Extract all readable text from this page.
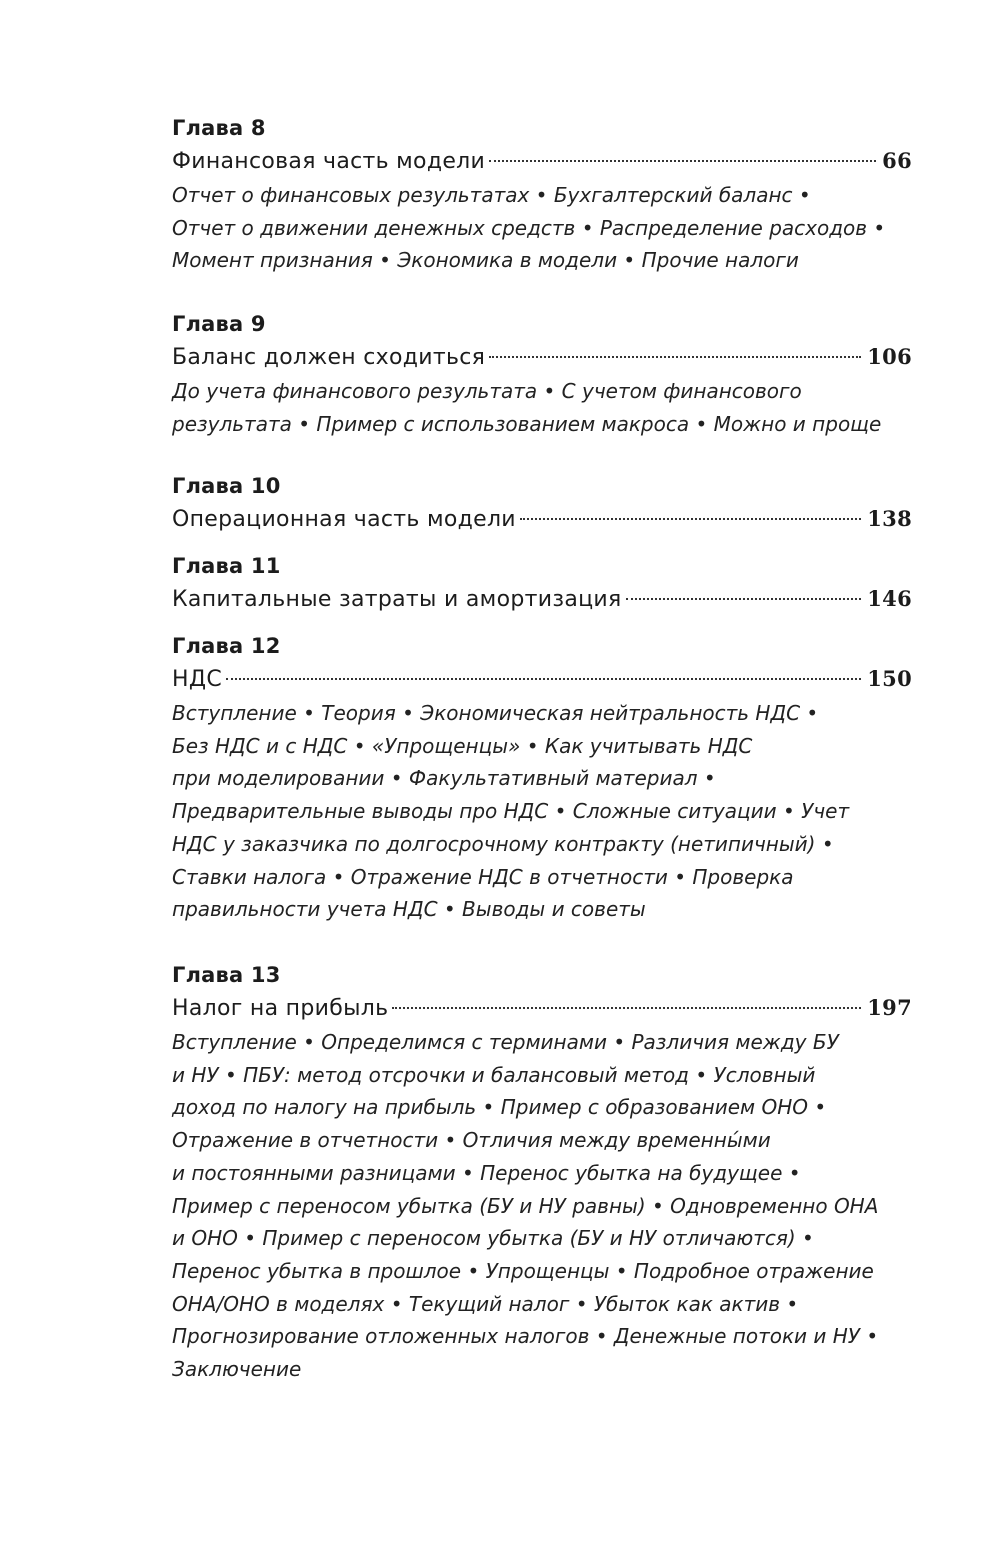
Глава 8
Финансовая часть модели	66
Отчет о финансовых результатах • Бухгалтерский баланс •
Отчет о движении денежных средств • Распределение расходов •
Момент признания • Экономика в модели • Прочие налоги
Глава 9
Баланс должен сходиться	106
До учета финансового результата • С учетом финансового
результата • Пример с использованием макроса • Можно и проще
Глава 10
Операционная часть модели	138
Глава 11
Капитальные затраты и амортизация	146
Глава 12
НДС	150
Вступление • Теория • Экономическая нейтральность НДС •
Без НДС и с НДС • «Упрощенцы» • Как учитывать НДС
при моделировании • Факультативный материал •
Предварительные выводы про НДС • Сложные ситуации • Учет
НДС у заказчика по долгосрочному контракту (нетипичный) •
Ставки налога • Отражение НДС в отчетности • Проверка
правильности учета НДС • Выводы и советы
Глава 13
Налог на прибыль	197
Вступление • Определимся с терминами • Различия между БУ
и НУ • ПБУ: метод отсрочки и балансовый метод • Условный
доход по налогу на прибыль • Пример с образованием ОНО •
Отражение в отчетности • Отличия между временны́ми
и постоянными разницами • Перенос убытка на будущее •
Пример с переносом убытка (БУ и НУ равны) • Одновременно ОНА
и ОНО • Пример с переносом убытка (БУ и НУ отличаются) •
Перенос убытка в прошлое • Упрощенцы • Подробное отражение
ОНА/ОНО в моделях • Текущий налог • Убыток как актив •
Прогнозирование отложенных налогов • Денежные потоки и НУ •
Заключение
